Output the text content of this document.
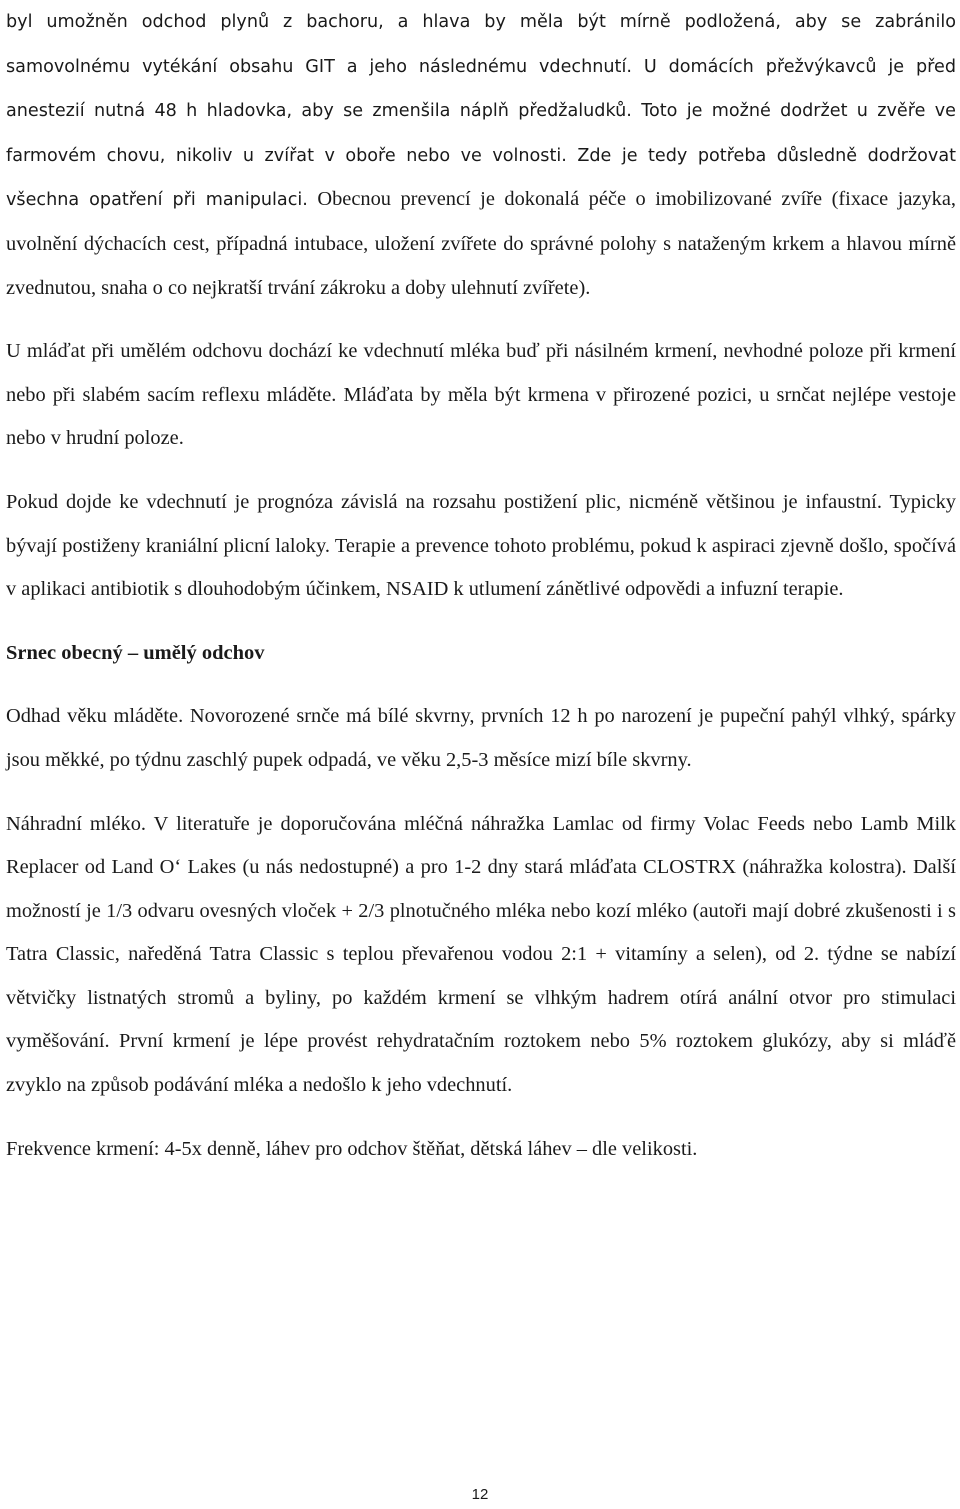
byl umožněn odchod plynů z bachoru, a hlava by měla být mírně podložená, aby se zabránilo samovolnému vytékání obsahu GIT a jeho následnému vdechnutí. U domácích přežvýkavců je před anestezií nutná 48 h hladovka, aby se zmenšila náplň předžaludků. Toto je možné dodržet u zvěře ve farmovém chovu, nikoliv u zvířat v oboře nebo ve volnosti. Zde je tedy potřeba důsledně dodržovat všechna opatření při manipulaci. Obecnou prevencí je dokonalá péče o imobilizované zvíře (fixace jazyka, uvolnění dýchacích cest, případná intubace, uložení zvířete do správné polohy s nataženým krkem a hlavou mírně zvednutou, snaha o co nejkratší trvání zákroku a doby ulehnutí zvířete).

U mláďat při umělém odchovu dochází ke vdechnutí mléka buď při násilném krmení, nevhodné poloze při krmení nebo při slabém sacím reflexu mláděte. Mláďata by měla být krmena v přirozené pozici, u srnčat nejlépe vestoje nebo v hrudní poloze.

Pokud dojde ke vdechnutí je prognóza závislá na rozsahu postižení plic, nicméně většinou je infaustní. Typicky bývají postiženy kraniální plicní laloky. Terapie a prevence tohoto problému, pokud k aspiraci zjevně došlo, spočívá v aplikaci antibiotik s dlouhodobým účinkem, NSAID k utlumení zánětlivé odpovědi a infuzní terapie.

Srnec obecný – umělý odchov

Odhad věku mláděte. Novorozené srnče má bílé skvrny, prvních 12 h po narození je pupeční pahýl vlhký, spárky jsou měkké, po týdnu zaschlý pupek odpadá, ve věku 2,5-3 měsíce mizí bíle skvrny.

Náhradní mléko. V literatuře je doporučována mléčná náhražka Lamlac od firmy Volac Feeds nebo Lamb Milk Replacer od Land O‘ Lakes (u nás nedostupné) a pro 1-2 dny stará mláďata CLOSTRX (náhražka kolostra). Další možností je 1/3 odvaru ovesných vloček + 2/3 plnotučného mléka nebo kozí mléko (autoři mají dobré zkušenosti i s Tatra Classic, naředěná Tatra Classic s teplou převařenou vodou 2:1 + vitamíny a selen), od 2. týdne se nabízí větvičky listnatých stromů a byliny, po každém krmení se vlhkým hadrem otírá anální otvor pro stimulaci vyměšování. První krmení je lépe provést rehydratačním roztokem nebo 5% roztokem glukózy, aby si mláďě zvyklo na způsob podávání mléka a nedošlo k jeho vdechnutí.

Frekvence krmení: 4-5x denně, láhev pro odchov štěňat, dětská láhev – dle velikosti.

12
